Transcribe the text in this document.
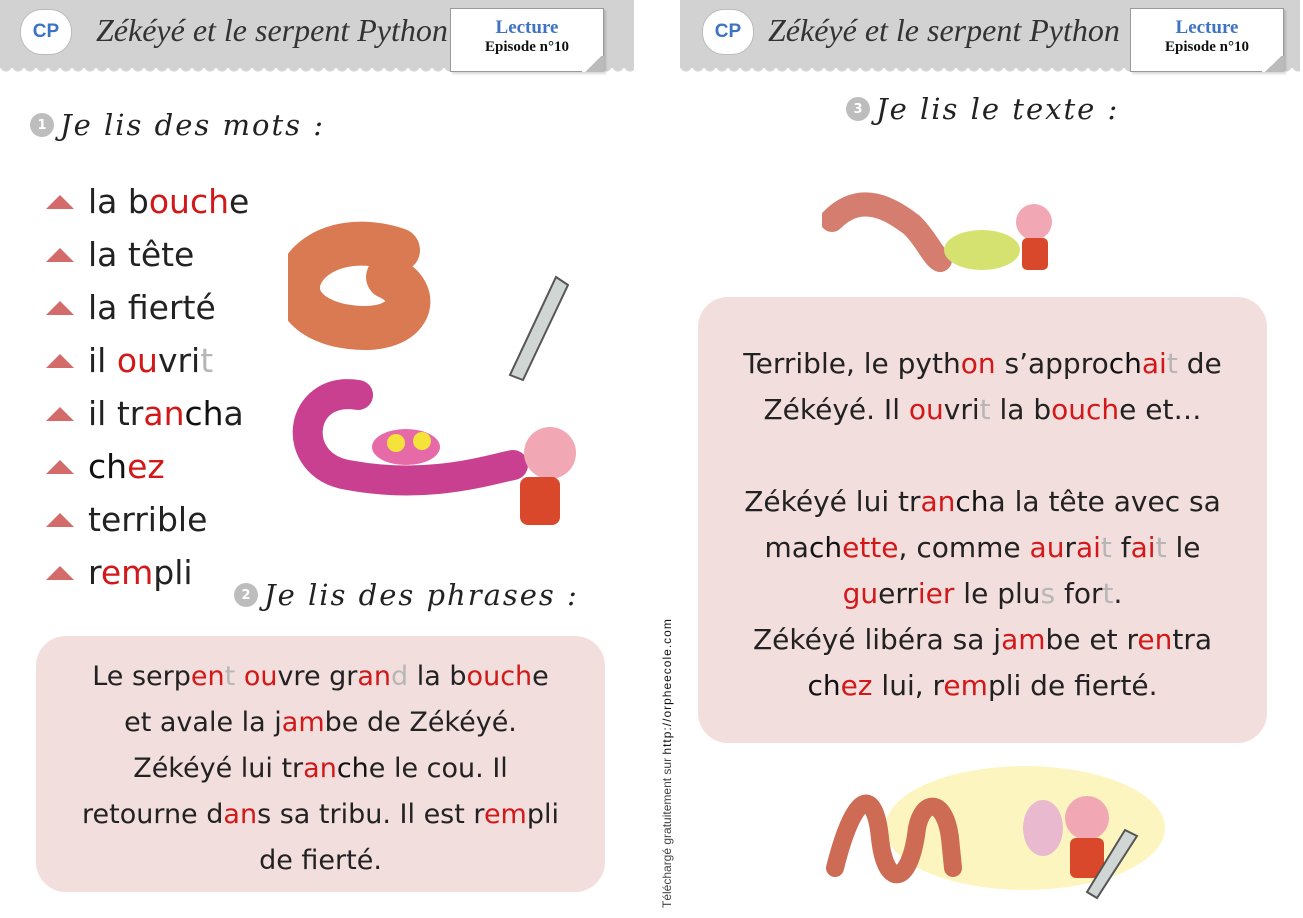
CP	Zékéyé et le serpent Python	Lecture
Episode n°10
CP Zékéyé et le serpent Python	Lecture
Episode n°10
1 Je lis des mots :
la bouche
la tête
la fierté
il ouvrit
il trancha
chez
terrible
rempli
2 Je lis des phrases :
Le serpent ouvre grand la bouche
et avale la jambe de Zékéyé.
Zékéyé lui tranche le cou. Il
retourne dans sa tribu. Il est rempli
de fierté.	Téléchargé gratuitement sur http://orpheecole.com
3 Je lis le texte :
Terrible, le python s’approchait de
Zékéyé. Il ouvrit la bouche et…
Zékéyé lui trancha la tête avec sa
machette, comme aurait fait le
guerrier le plus fort.
Zékéyé libéra sa jambe et rentra
chez lui, rempli de fierté.
